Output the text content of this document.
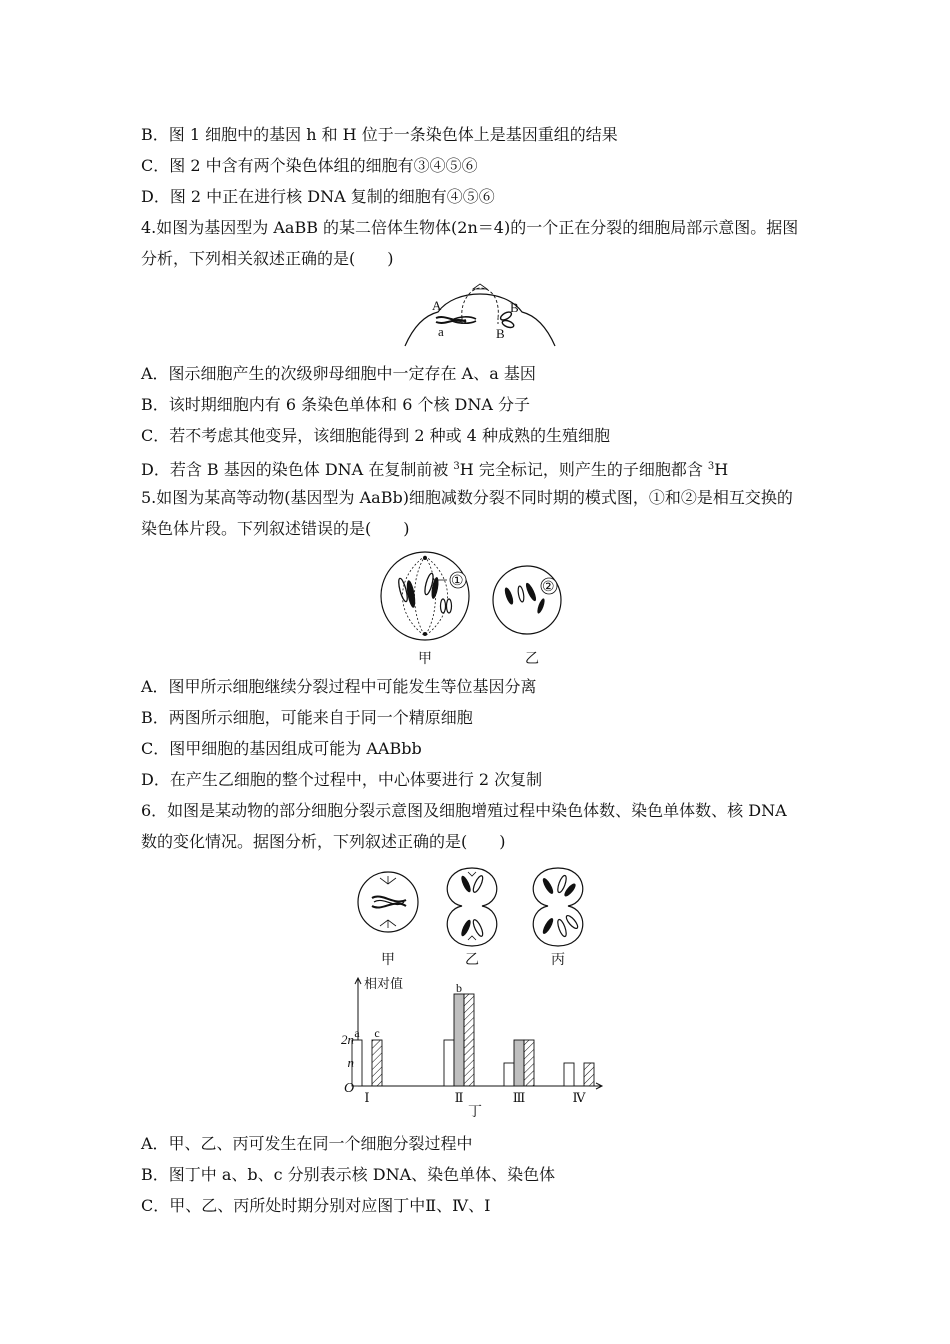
B．图 1 细胞中的基因 h 和 H 位于一条染色体上是基因重组的结果
C．图 2 中含有两个染色体组的细胞有③④⑤⑥
D．图 2 中正在进行核 DNA 复制的细胞有④⑤⑥
4.如图为基因型为 AaBB 的某二倍体生物体(2n＝4)的一个正在分裂的细胞局部示意图。据图
分析，下列相关叙述正确的是(　　)
A
a
B
B
A．图示细胞产生的次级卵母细胞中一定存在 A、a 基因
B．该时期细胞内有 6 条染色单体和 6 个核 DNA 分子
C．若不考虑其他变异，该细胞能得到 2 种或 4 种成熟的生殖细胞
D．若含 B 基因的染色体 DNA 在复制前被 $^3$H 完全标记，则产生的子细胞都含 $^3$H
5.如图为某高等动物(基因型为 AaBb)细胞减数分裂不同时期的模式图，①和②是相互交换的
染色体片段。下列叙述错误的是(　　)
①	②
甲	乙
A．图甲所示细胞继续分裂过程中可能发生等位基因分离
B．两图所示细胞，可能来自于同一个精原细胞
C．图甲细胞的基因组成可能为 AABbb
D．在产生乙细胞的整个过程中，中心体要进行 2 次复制
6．如图是某动物的部分细胞分裂示意图及细胞增殖过程中染色体数、染色单体数、核 DNA
数的变化情况。据图分析，下列叙述正确的是(　　)
甲	乙	丙
相对值
O
n
2n
Ⅰ	Ⅱ	Ⅲ	Ⅳ
a c
b
丁
A．甲、乙、丙可发生在同一个细胞分裂过程中
B．图丁中 a、b、c 分别表示核 DNA、染色单体、染色体
C．甲、乙、丙所处时期分别对应图丁中Ⅱ、Ⅳ、Ⅰ
